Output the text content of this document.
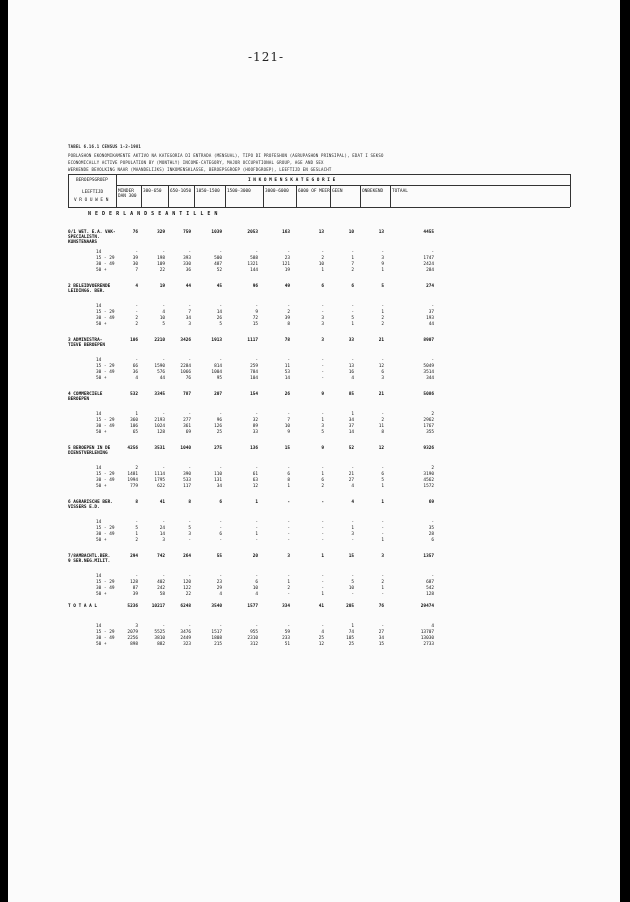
-121-
TABEL 6.16.1 CENSUS 1-2-1981
POBLASHON EKONOMIKAMENTE AKTIVO NA KATEGORIA DI ENTRADA (MENSUAL), TIPO DI PROFESHON (AGRUPASHON PRINSIPAL), EDAT I SEKSO
ECONOMICALLY ACTIVE POPULATION BY (MONTHLY) INCOME-CATEGORY, MAJOR OCCUPATIONAL GROUP, AGE AND SEX
WERKENDE BEVOLKING NAAR (MAANDELIJKS) INKOMENSKLASSE, BEROEPSGROEP (HOOFDGROEP), LEEFTIJD EN GESLACHT
BEROEPSGROEP
LEEFTIJD
V R O U W E N
I N K O M E N S K A T E G O R I E
MINDER DAN 300
300-650	650-1050	1050-1500	1500-3000	3000-6000	6000 OF MEER GEEN	ONBEKEND	TOTAAL
N E D E R L A N D S E A N T I L L E N
0/1 WET. E.A. VAK-
SPECIALISTN.
KUNSTENAARS
76	329	759	1039	2053	163	13	10	13	4455
14	-	-	-	-	-	-	-	-	-	-
15 - 29	39	198	393	500	588	23	2	1	3	1747
30 - 49	30	109	330	487	1321	121	10	7	9	2424
50 +	7	22	36	52	144	19	1	2	1	284
2 BELEIDVOERENDE
LEIDINGG. BER.
4	19	44	45	96	49	6	6	5	274
14	-	-	-	-	-	-	-	-	-	-
15 - 29	-	4	7	14	9	2	-	-	1	37
30 - 49	2	10	34	26	72	39	3	5	2	193
50 +	2	5	3	5	15	8	3	1	2	44
3 ADMINISTRA-
TIEVE BEROEPEN
106	2210	3426	1913	1117	78	3	33	21	8907
14	-	-	-	-	-	-	-	-	-	-
15 - 29	66	1590	2284	814	259	11	-	13	12	5049
30 - 49	36	576	1066	1004	784	53	-	16	6	3514
50 +	4	44	76	95	104	14	-	4	3	344
4 COMMERCIELE
BEROEPEN
532	3345	787	207	154	26	9	85	21	5086
14	1	-	-	-	-	-	-	1	-	2
15 - 29	360	2193	277	96	32	7	1	34	2	2962
30 - 49	106	1024	361	126	89	10	3	37	11	1767
50 +	65	128	69	25	33	9	5	14	8	355
5 BEROEPEN IN DE
DIENSTVERLENING
4256	3531	1040	275	136	15	9	52	12	9326
14	2	-	-	-	-	-	-	-	-	2
15 - 29	1481	1114	390	110	61	6	1	21	6	3190
30 - 49	1994	1795	533	131	63	8	6	27	5	4562
50 +	779	622	117	34	12	1	2	4	1	1572
6 AGRARISCHE BER.
VISSERS E.D.
8	41	8	6	1	-	-	4	1	69
14	-	-	-	-	-	-	-	-	-	-
15 - 29	5	24	5	-	-	-	-	1	-	35
30 - 49	1	14	3	6	1	-	-	3	-	28
50 +	2	3	-	-	-	-	-	-	1	6
7/8AMBACHTL.BER.
9 SER.NEG.MILIT.
294	742	264	55	20	3	1	15	3	1357
14	-	-	-	-	-	-	-	-	-	-
15 - 29	128	402	120	23	6	1	-	5	2	687
30 - 49	87	242	122	29	10	2	-	10	1	542
50 +	39	58	22	4	4	-	1	-	-	128
T O T A A L	5236	10217	6248	3540	1577	334	41	205	76	29474
14	3	-	-	-	-	-	-	1	-	4
15 - 29	2079	5525	3476	1517	955	59	4	74	27	13707
30 - 49	2256	3810	2449	1808	2310	233	25	105	34	13030
50 +	898	882	323	215	312	51	12	25	15	2733
